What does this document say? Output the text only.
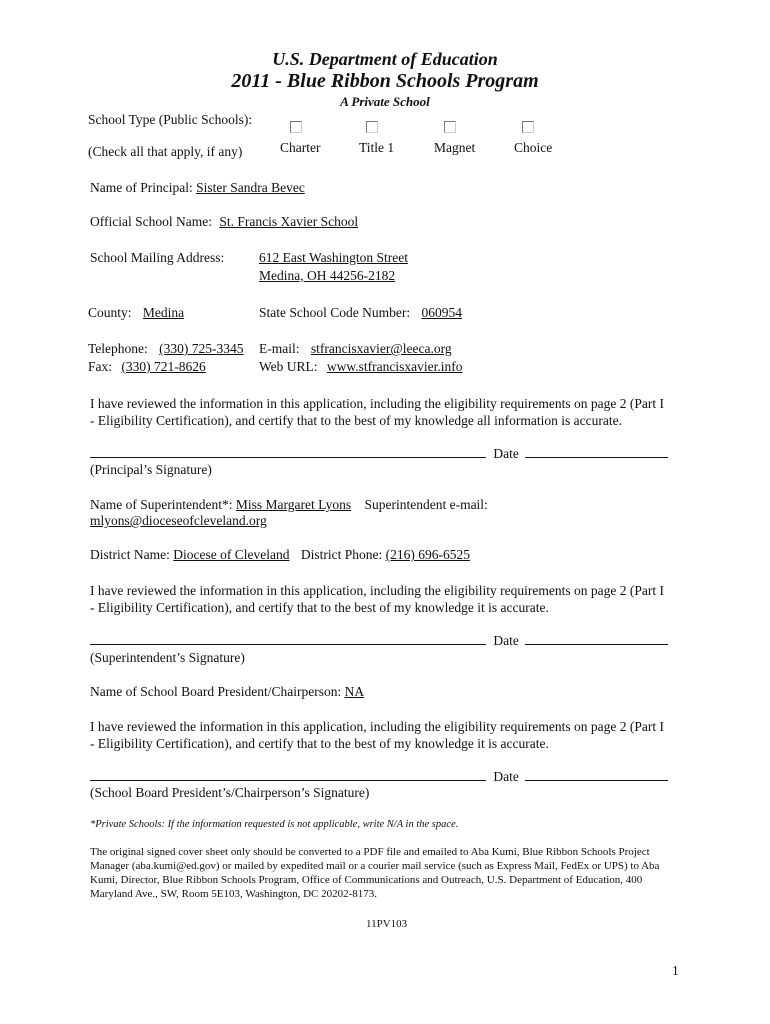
U.S. Department of Education
2011 - Blue Ribbon Schools Program
A Private School
School Type (Public Schools):
(Check all that apply, if any)	Charter	Title 1	Magnet	Choice
Name of Principal: Sister Sandra Bevec
Official School Name: St. Francis Xavier School
School Mailing Address:	612 East Washington Street
Medina, OH 44256-2182
County: Medina	State School Code Number: 060954
Telephone: (330) 725-3345 E-mail: stfrancisxavier@leeca.org
Fax: (330) 721-8626	Web URL: www.stfrancisxavier.info
I have reviewed the information in this application, including the eligibility requirements on page 2 (Part I
- Eligibility Certification), and certify that to the best of my knowledge all information is accurate.
Date
(Principal’s Signature)
Name of Superintendent*: Miss Margaret Lyons Superintendent e-mail:
mlyons@dioceseofcleveland.org
District Name: Diocese of Cleveland District Phone: (216) 696-6525
I have reviewed the information in this application, including the eligibility requirements on page 2 (Part I
- Eligibility Certification), and certify that to the best of my knowledge it is accurate.
Date
(Superintendent’s Signature)
Name of School Board President/Chairperson: NA
I have reviewed the information in this application, including the eligibility requirements on page 2 (Part I
- Eligibility Certification), and certify that to the best of my knowledge it is accurate.
Date
(School Board President’s/Chairperson’s Signature)
*Private Schools: If the information requested is not applicable, write N/A in the space.
The original signed cover sheet only should be converted to a PDF file and emailed to Aba Kumi, Blue Ribbon Schools Project
Manager (aba.kumi@ed.gov) or mailed by expedited mail or a courier mail service (such as Express Mail, FedEx or UPS) to Aba
Kumi, Director, Blue Ribbon Schools Program, Office of Communications and Outreach, U.S. Department of Education, 400
Maryland Ave., SW, Room 5E103, Washington, DC 20202-8173.
11PV103
1
